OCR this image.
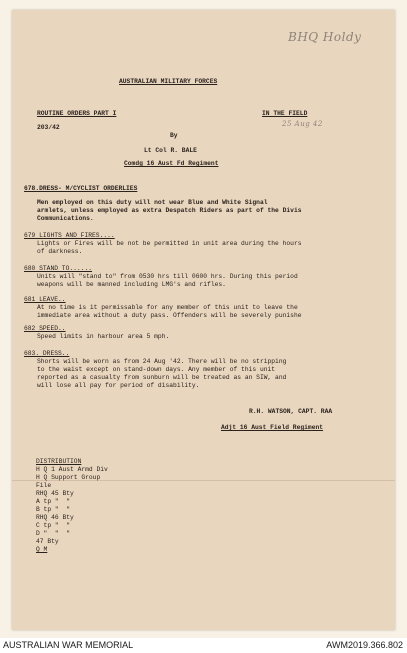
BHQ Holdy
25 Aug 42
AUSTRALIAN MILITARY FORCES
ROUTINE ORDERS PART I	IN THE FIELD
203/42
By
Lt Col R. BALE
Comdg 16 Aust Fd Regiment
678.DRESS- M/CYCLIST ORDERLIES
Men employed on this duty will not wear Blue and White Signal
armlets, unless employed as extra Despatch Riders as part of the Divis
Communications.
679 LIGHTS AND FIRES....
Lights or Fires will be not be permitted in unit area during the hours
of darkness.
680 STAND TO......
Units will "stand to" from 0530 hrs till 0600 hrs. During this period
weapons will be manned including LMG's and rifles.
681 LEAVE..
At no time is it permissable for any member of this unit to leave the
immediate area without a duty pass. Offenders will be severely punishe
682 SPEED..
Speed limits in harbour area 5 mph.
683. DRESS..
Shorts will be worn as from 24 Aug '42. There will be no stripping
to the waist except on stand-down days. Any member of this unit
reported as a casualty from sunburn will be treated as an SIW, and
will lose all pay for period of disability.
R.H. WATSON, CAPT. RAA
Adjt 16 Aust Field Regiment
DISTRIBUTION
H Q 1 Aust Armd Div
H Q Support Group
File
RHQ 45 Bty
A tp "  "
B tp "  "
RHQ 46 Bty
C tp "  "
D "  "  "
47 Bty
Q M
AUSTRALIAN WAR MEMORIAL	AWM2019.366.802
